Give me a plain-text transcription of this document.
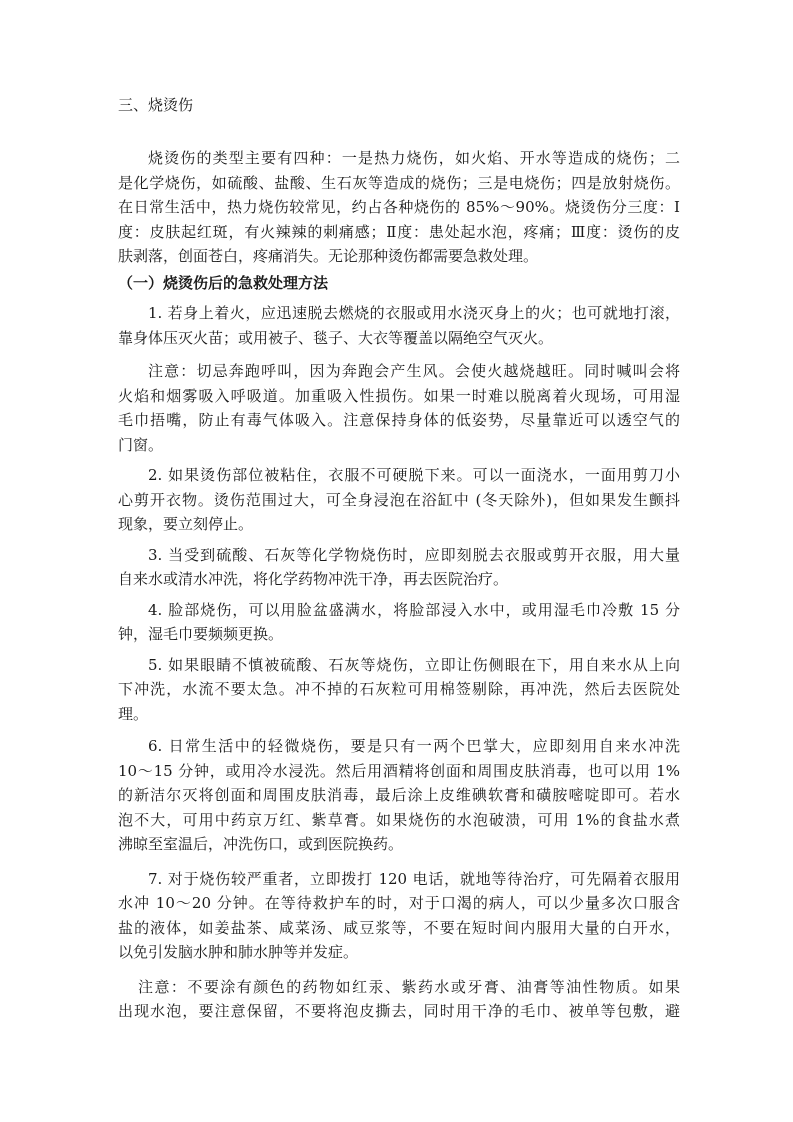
三、烧烫伤
烧烫伤的类型主要有四种：一是热力烧伤，如火焰、开水等造成的烧伤；二
是化学烧伤，如硫酸、盐酸、生石灰等造成的烧伤；三是电烧伤；四是放射烧伤。
在日常生活中，热力烧伤较常见，约占各种烧伤的 85%～90%。烧烫伤分三度：Ⅰ
度：皮肤起红斑，有火辣辣的刺痛感；Ⅱ度：患处起水泡，疼痛；Ⅲ度：烫伤的皮
肤剥落，创面苍白，疼痛消失。无论那种烫伤都需要急救处理。
（一）烧烫伤后的急救处理方法
1. 若身上着火，应迅速脱去燃烧的衣服或用水浇灭身上的火；也可就地打滚，
靠身体压灭火苗；或用被子、毯子、大衣等覆盖以隔绝空气灭火。
注意：切忌奔跑呼叫，因为奔跑会产生风。会使火越烧越旺。同时喊叫会将
火焰和烟雾吸入呼吸道。加重吸入性损伤。如果一时难以脱离着火现场，可用湿
毛巾捂嘴，防止有毒气体吸入。注意保持身体的低姿势，尽量靠近可以透空气的
门窗。
2. 如果烫伤部位被粘住，衣服不可硬脱下来。可以一面浇水，一面用剪刀小
心剪开衣物。烫伤范围过大，可全身浸泡在浴缸中 (冬天除外)，但如果发生颤抖
现象，要立刻停止。
3. 当受到硫酸、石灰等化学物烧伤时，应即刻脱去衣服或剪开衣服，用大量
自来水或清水冲洗，将化学药物冲洗干净，再去医院治疗。
4. 脸部烧伤，可以用脸盆盛满水，将脸部浸入水中，或用湿毛巾冷敷 15 分
钟，湿毛巾要频频更换。
5. 如果眼睛不慎被硫酸、石灰等烧伤，立即让伤侧眼在下，用自来水从上向
下冲洗，水流不要太急。冲不掉的石灰粒可用棉签剔除，再冲洗，然后去医院处
理。
6. 日常生活中的轻微烧伤，要是只有一两个巴掌大，应即刻用自来水冲洗
10～15 分钟，或用冷水浸洗。然后用酒精将创面和周围皮肤消毒，也可以用 1%
的新洁尔灭将创面和周围皮肤消毒，最后涂上皮维碘软膏和磺胺嘧啶即可。若水
泡不大，可用中药京万红、紫草膏。如果烧伤的水泡破溃，可用 1%的食盐水煮
沸晾至室温后，冲洗伤口，或到医院换药。
7. 对于烧伤较严重者，立即拨打 120 电话，就地等待治疗，可先隔着衣服用
水冲 10～20 分钟。在等待救护车的时，对于口渴的病人，可以少量多次口服含
盐的液体，如姜盐茶、咸菜汤、咸豆浆等，不要在短时间内服用大量的白开水，
以免引发脑水肿和肺水肿等并发症。
注意：不要涂有颜色的药物如红汞、紫药水或牙膏、油膏等油性物质。如果
出现水泡，要注意保留，不要将泡皮撕去，同时用干净的毛巾、被单等包敷，避
